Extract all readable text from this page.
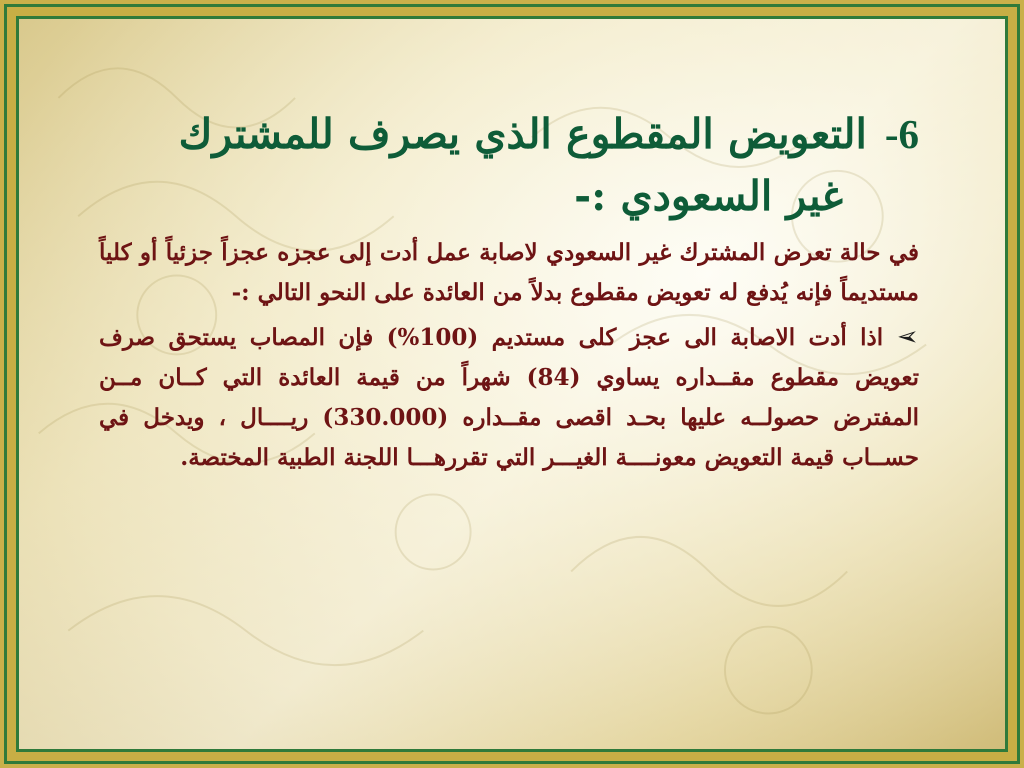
6-التعويض المقطوع الذي يصرف للمشترك
غير السعودي :-

في حالة تعرض المشترك غير السعودي لاصابة عمل أدت إلى عجزه عجزاً جزئياً أو كلياً مستديماً فإنه يُدفع له تعويض مقطوع بدلاً من العائدة على النحو التالي :-

➢اذا أدت الاصابة الى عجز كلى مستديم (100%) فإن المصاب يستحق صرف تعويض مقطوع مقــداره يساوي (84) شهراً من قيمة العائدة التي كــان مــن المفترض حصولــه عليها بحـد اقصى مقــداره (330.000) ريــــال ، ويدخل في حســاب قيمة التعويض معونــــة الغيـــر التي تقررهـــا اللجنة الطبية المختصة.
